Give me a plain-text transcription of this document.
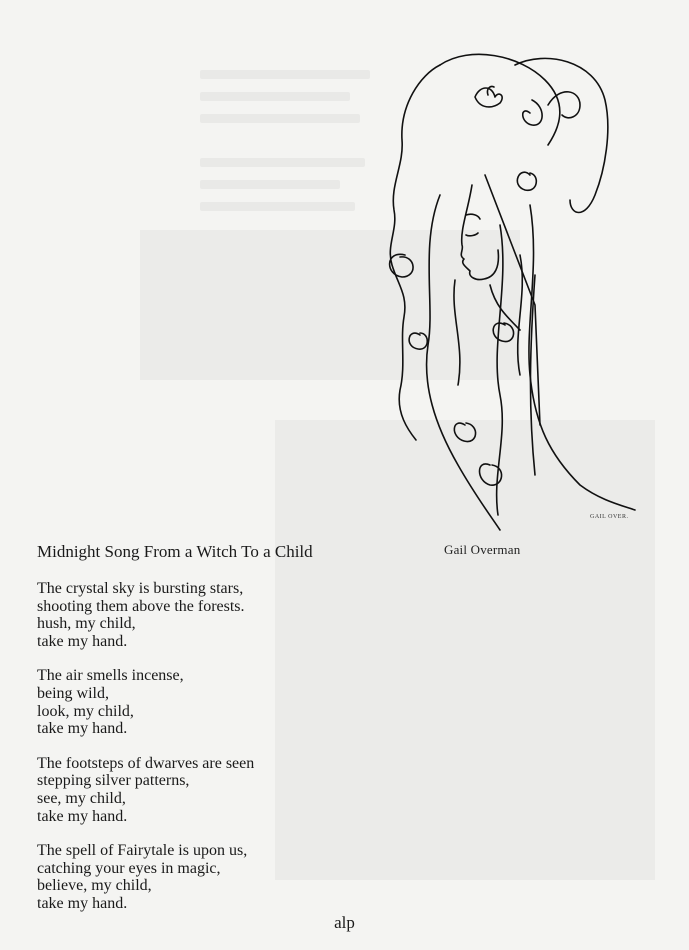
GAIL OVER.
Gail Overman
Midnight Song From a Witch To a Child
The crystal sky is bursting stars,
shooting them above the forests.
hush, my child,
take my hand.
The air smells incense,
being wild,
look, my child,
take my hand.
The footsteps of dwarves are seen
stepping silver patterns,
see, my child,
take my hand.
The spell of Fairytale is upon us,
catching your eyes in magic,
believe, my child,
take my hand.
alp
